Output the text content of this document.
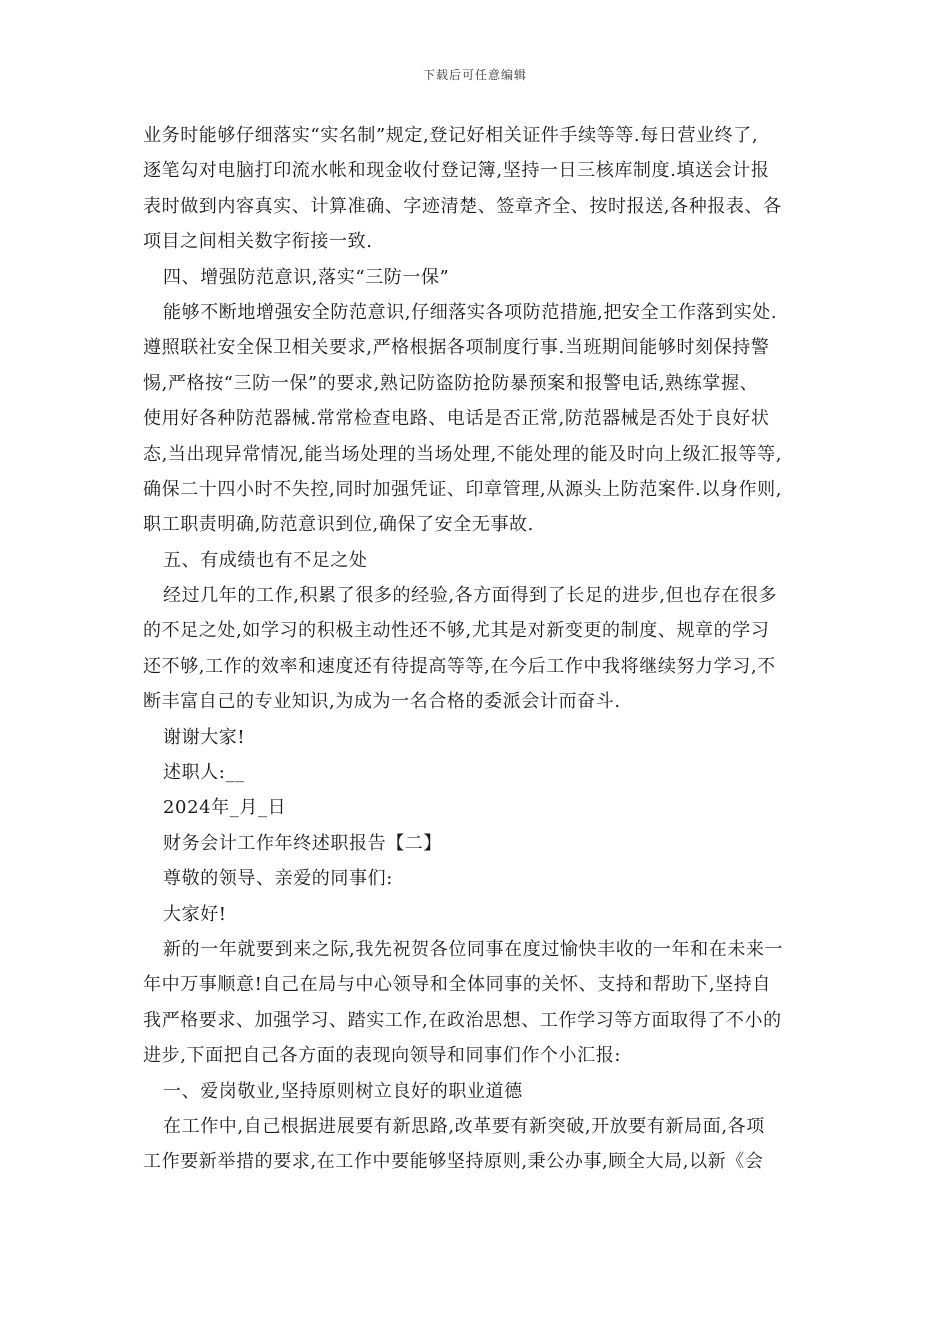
下载后可任意编辑
业务时能够仔细落实“实名制”规定,登记好相关证件手续等等.每日营业终了,
逐笔勾对电脑打印流水帐和现金收付登记簿,坚持一日三核库制度.填送会计报
表时做到内容真实、计算准确、字迹清楚、签章齐全、按时报送,各种报表、各
项目之间相关数字衔接一致.
四、增强防范意识,落实“三防一保”
能够不断地增强安全防范意识,仔细落实各项防范措施,把安全工作落到实处.
遵照联社安全保卫相关要求,严格根据各项制度行事.当班期间能够时刻保持警
惕,严格按“三防一保”的要求,熟记防盗防抢防暴预案和报警电话,熟练掌握、
使用好各种防范器械.常常检查电路、电话是否正常,防范器械是否处于良好状
态,当出现异常情况,能当场处理的当场处理,不能处理的能及时向上级汇报等等,
确保二十四小时不失控,同时加强凭证、印章管理,从源头上防范案件.以身作则,
职工职责明确,防范意识到位,确保了安全无事故.
五、有成绩也有不足之处
经过几年的工作,积累了很多的经验,各方面得到了长足的进步,但也存在很多
的不足之处,如学习的积极主动性还不够,尤其是对新变更的制度、规章的学习
还不够,工作的效率和速度还有待提高等等,在今后工作中我将继续努力学习,不
断丰富自己的专业知识,为成为一名合格的委派会计而奋斗.
谢谢大家!
述职人:__
2024年_月_日
财务会计工作年终述职报告【二】
尊敬的领导、亲爱的同事们:
大家好!
新的一年就要到来之际,我先祝贺各位同事在度过愉快丰收的一年和在未来一
年中万事顺意!自己在局与中心领导和全体同事的关怀、支持和帮助下,坚持自
我严格要求、加强学习、踏实工作,在政治思想、工作学习等方面取得了不小的
进步,下面把自己各方面的表现向领导和同事们作个小汇报:
一、爱岗敬业,坚持原则树立良好的职业道德
在工作中,自己根据进展要有新思路,改革要有新突破,开放要有新局面,各项
工作要新举措的要求,在工作中要能够坚持原则,秉公办事,顾全大局,以新《会
